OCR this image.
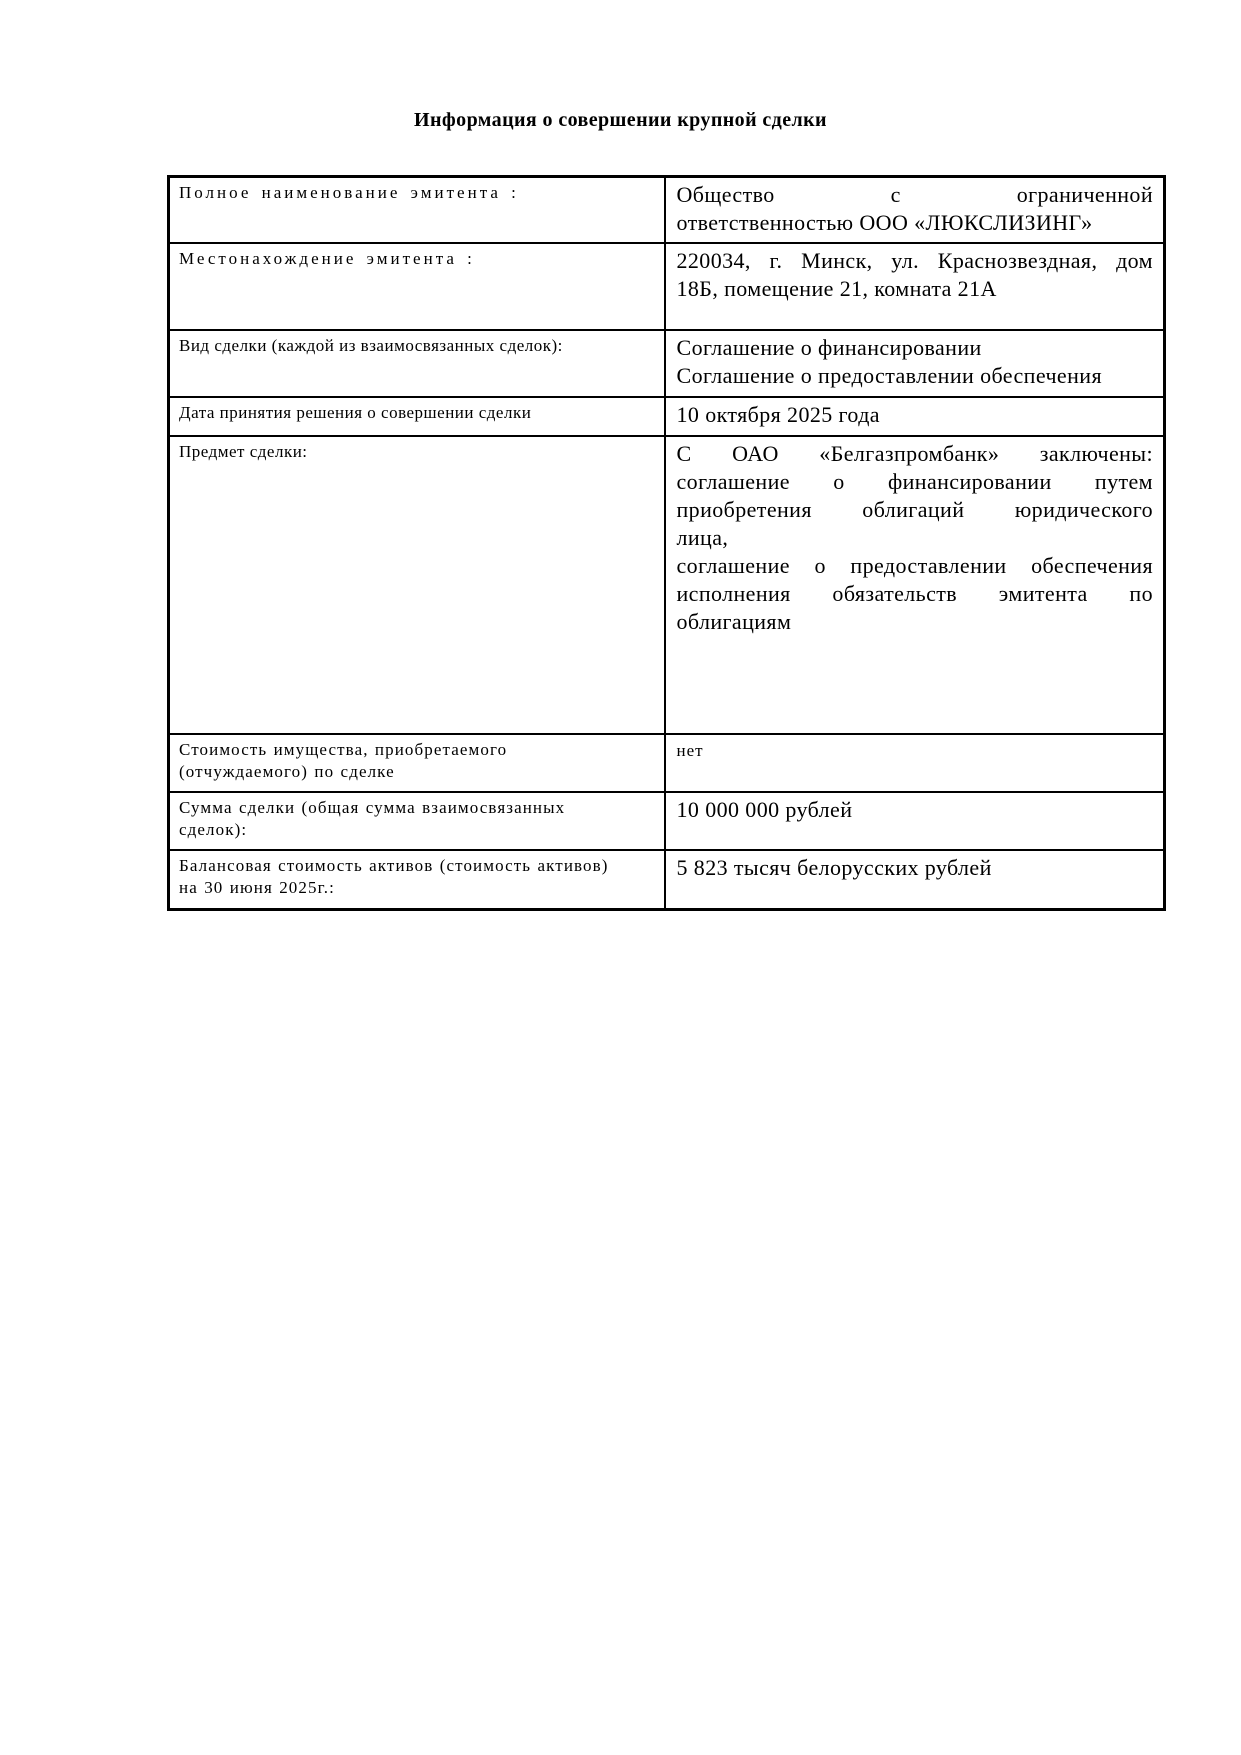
Информация о совершении крупной сделки
Полное наименование эмитента :	Общество с ограниченной
ответственностью ООО «ЛЮКСЛИЗИНГ»

Местонахождение эмитента :	220034, г. Минск, ул. Краснозвездная, дом
18Б, помещение 21, комната 21А

Вид сделки (каждой из взаимосвязанных сделок):	Соглашение о финансировании
Соглашение о предоставлении обеспечения

Дата принятия решения о совершении сделки	10 октября 2025 года

Предмет сделки:	С ОАО «Белгазпромбанк» заключены:
соглашение о финансировании путем
приобретения облигаций юридического
лица,
соглашение о предоставлении обеспечения
исполнения обязательств эмитента по
облигациям

Стоимость имущества, приобретаемого
(отчуждаемого) по сделке	нет

Сумма сделки (общая сумма взаимосвязанных
сделок):	10 000 000 рублей

Балансовая стоимость активов (стоимость активов)
на 30 июня 2025г.:	5 823 тысяч белорусских рублей
